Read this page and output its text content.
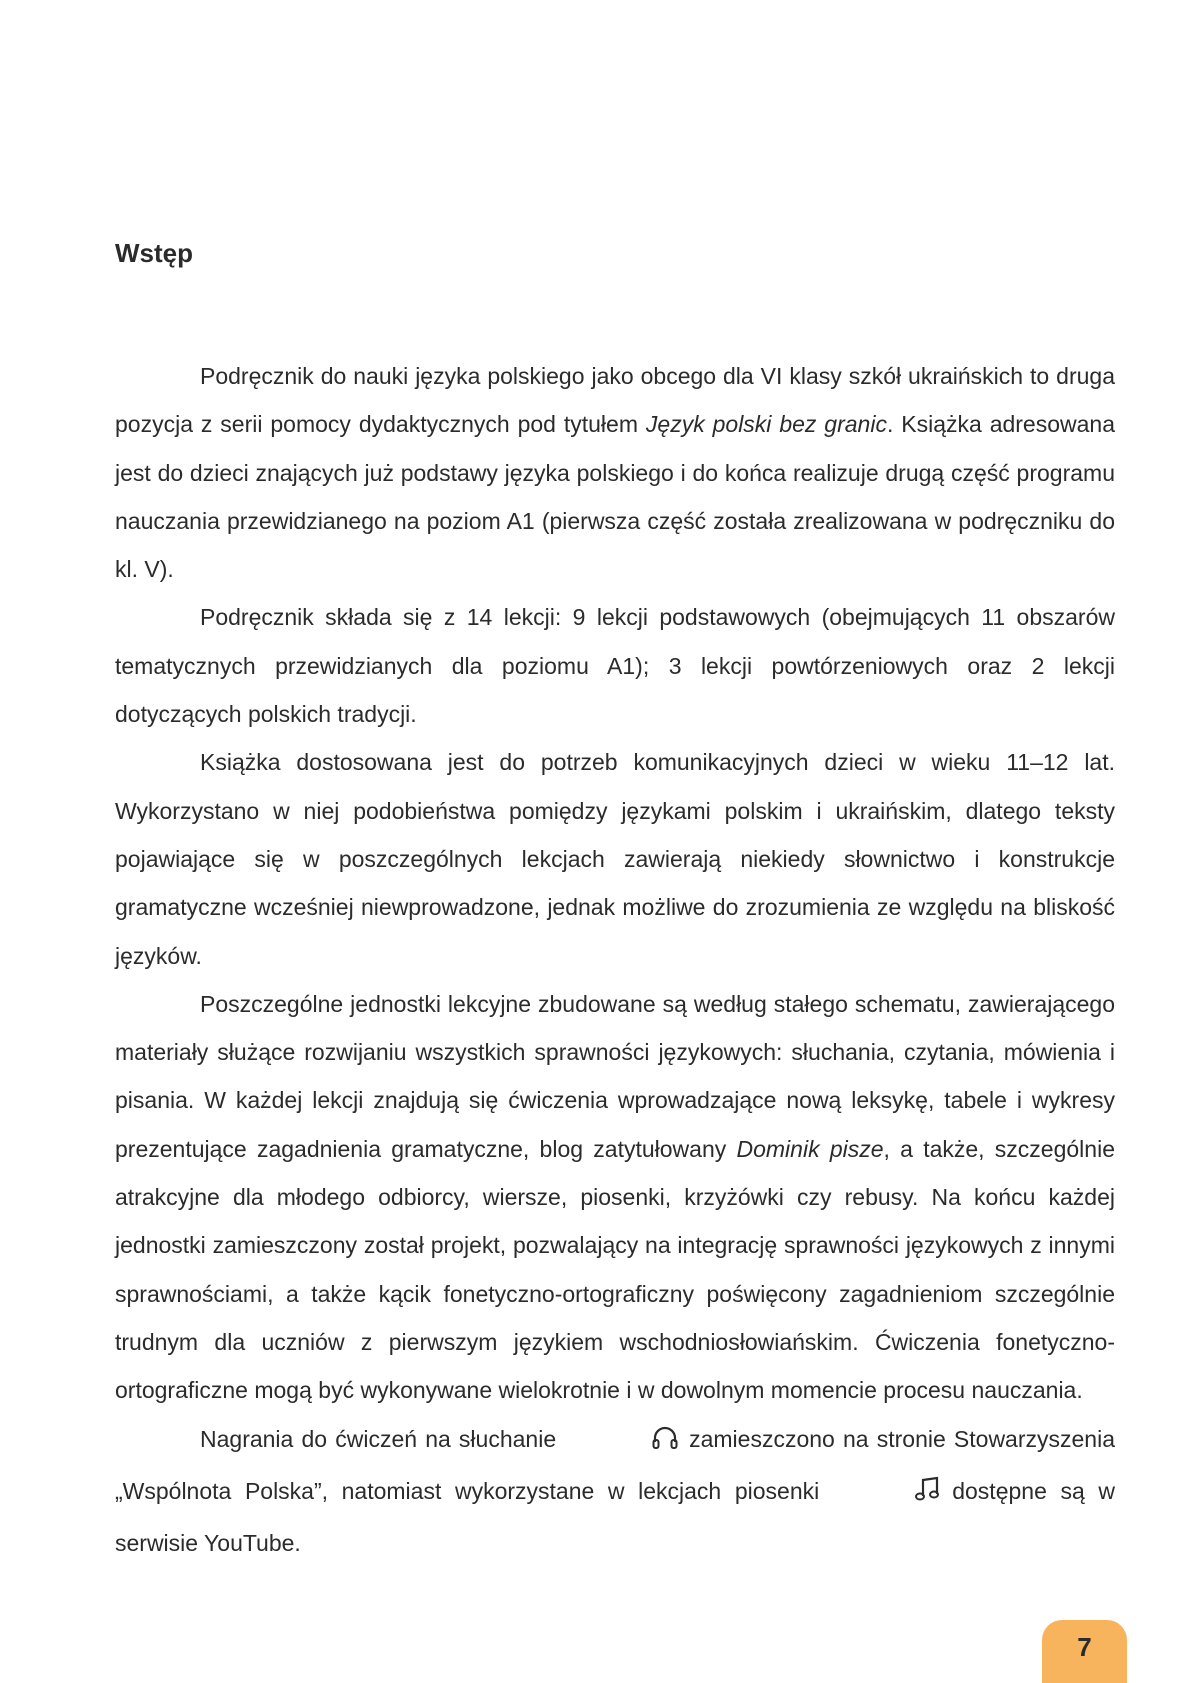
Wstęp

Podręcznik do nauki języka polskiego jako obcego dla VI klasy szkół ukraińskich to druga pozycja z serii pomocy dydaktycznych pod tytułem Język polski bez granic. Książka adresowana jest do dzieci znających już podstawy języka polskiego i do końca realizuje drugą część programu nauczania przewidzianego na poziom A1 (pierwsza część została zrealizowana w podręczniku do kl. V).

Podręcznik składa się z 14 lekcji: 9 lekcji podstawowych (obejmujących 11 obszarów tematycznych przewidzianych dla poziomu A1); 3 lekcji powtórzeniowych oraz 2 lekcji dotyczących polskich tradycji.

Książka dostosowana jest do potrzeb komunikacyjnych dzieci w wieku 11–12 lat. Wykorzystano w niej podobieństwa pomiędzy językami polskim i ukraińskim, dlatego teksty pojawiające się w poszczególnych lekcjach zawierają niekiedy słownictwo i konstrukcje gramatyczne wcześniej niewprowadzone, jednak możliwe do zrozumienia ze względu na bliskość języków.

Poszczególne jednostki lekcyjne zbudowane są według stałego schematu, zawierającego materiały służące rozwijaniu wszystkich sprawności językowych: słuchania, czytania, mówienia i pisania. W każdej lekcji znajdują się ćwiczenia wprowadzające nową leksykę, tabele i wykresy prezentujące zagadnienia gramatyczne, blog zatytułowany Dominik pisze, a także, szczególnie atrakcyjne dla młodego odbiorcy, wiersze, piosenki, krzyżówki czy rebusy. Na końcu każdej jednostki zamieszczony został projekt, pozwalający na integrację sprawności językowych z innymi sprawnościami, a także kącik fonetyczno-ortograficzny poświęcony zagadnieniom szczególnie trudnym dla uczniów z pierwszym językiem wschodniosłowiańskim. Ćwiczenia fonetyczno-ortograficzne mogą być wykonywane wielokrotnie i w dowolnym momencie procesu nauczania.

Nagrania do ćwiczeń na słuchanie	zamieszczono na stronie Stowarzyszenia „Wspólnota Polska”, natomiast wykorzystane w lekcjach piosenki	dostępne są w serwisie YouTube.

7
